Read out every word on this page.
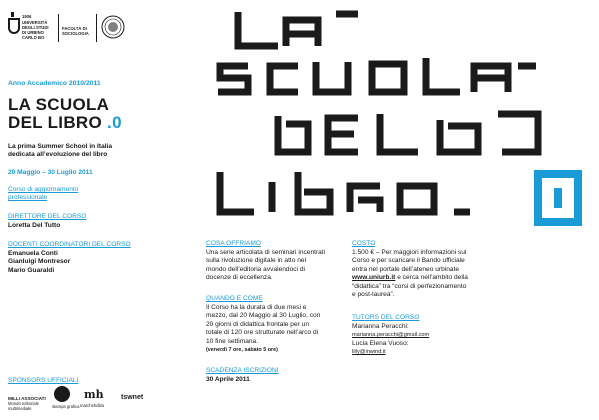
1506
UNIVERSITÀ
DEGLI STUDI
DI URBINO
CARLO BO
FACOLTÀ DI
SOCIOLOGIA
Anno Accademico 2010/2011
LA SCUOLA
DEL LIBRO .0
La prima Summer School in Italia
dedicata all’evoluzione del libro
20 Maggio – 30 Luglio 2011
Corso di aggiornamento
professionale
DIRETTORE DEL CORSO
Loretta Del Tutto
DOCENTI COORDINATORI DEL CORSO
Emanuela Conti
Gianluigi Montresor
Mario Guaraldi
SPONSORS UFFICIALI
MILLI ASSOCIATI
Mondo editoriale
multimediale	stampa grafica
mh
marchehdblu
tswnet
COSA OFFRIAMO
Una serie articolata di seminari incentrati
sulla rivoluzione digitale in atto nel
mondo dell’editoria avvalendoci di
docenze di eccellenza.
QUANDO E COME
Il Corso ha la durata di due mesi e
mezzo, dal 20 Maggio al 30 Luglio, con
20 giorni di didattica frontale per un
totale di 120 ore strutturate nell’arco di
10 fine settimana.
(venerdì 7 ore, sabato 5 ore)
SCADENZA ISCRIZIONI
30 Aprile 2011
COSTO
1.500 € – Per maggiori informazioni sul
Corso e per scaricare il Bando ufficiale
entra nel portale dell’ateneo urbinate
www.uniurb.it e cerca nell’ambito della
“didattica” tra “corsi di perfezionamento
e post-laurea”.
TUTORS DEL CORSO
Marianna Peracchi:
marianna.peracchi@gmail.com
Lucia Elena Vuoso:
lilly@inwind.it
